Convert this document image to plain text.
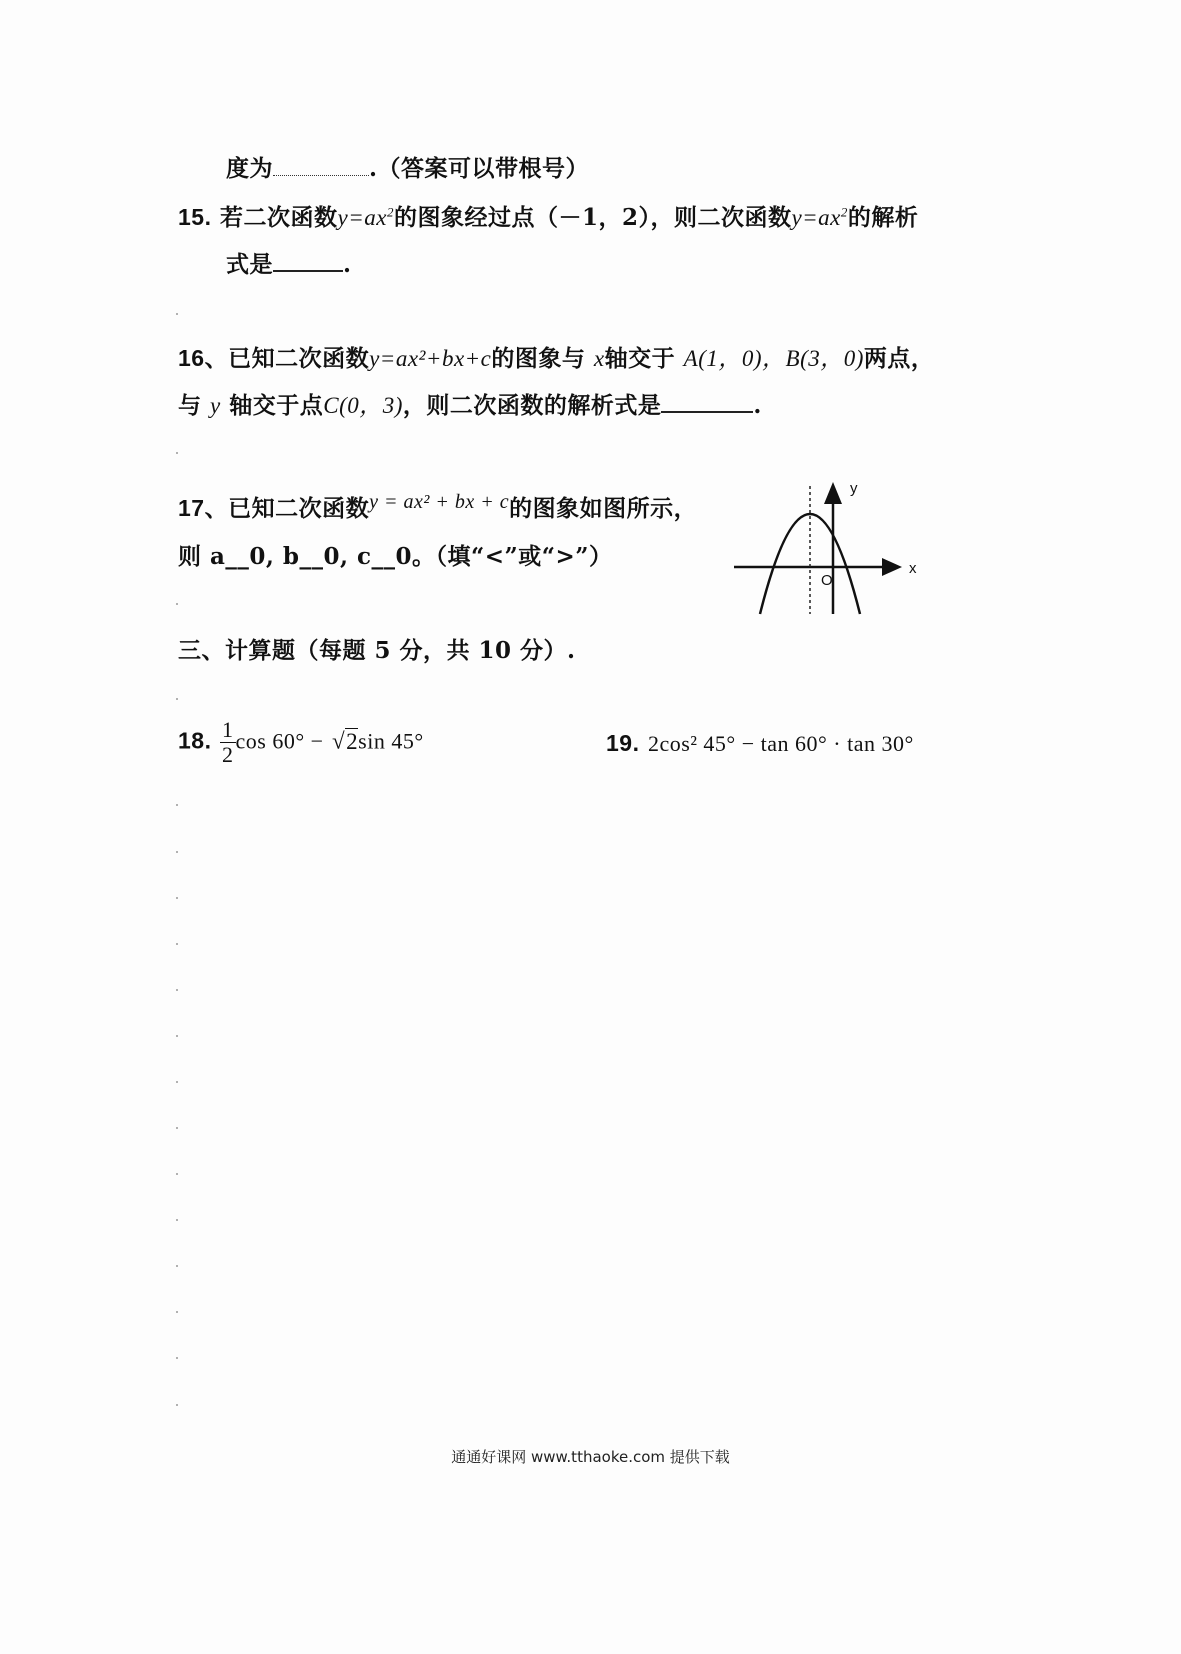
度为	.（答案可以带根号）
15. 若二次函数$y=ax^2$的图象经过点（－1，2），则二次函数$y=ax^2$的解析
式是	.
16、已知二次函数y=ax²+bx+c的图象与 x轴交于 A(1，0)，B(3，0)两点，
与 y 轴交于点C(0，3)，则二次函数的解析式是	.
17、已知二次函数y = ax² + bx + c的图象如图所示，
则 a__0, b__0, c__0。（填“<”或“>”）	x
y
O
三、计算题（每题 5 分，共 10 分）.
18. $\frac{1}{2}$ cos 60° − √2sin 45°	19. 2cos² 45° − tan 60° · tan 30°
通通好课网 www.tthaoke.com 提供下载
